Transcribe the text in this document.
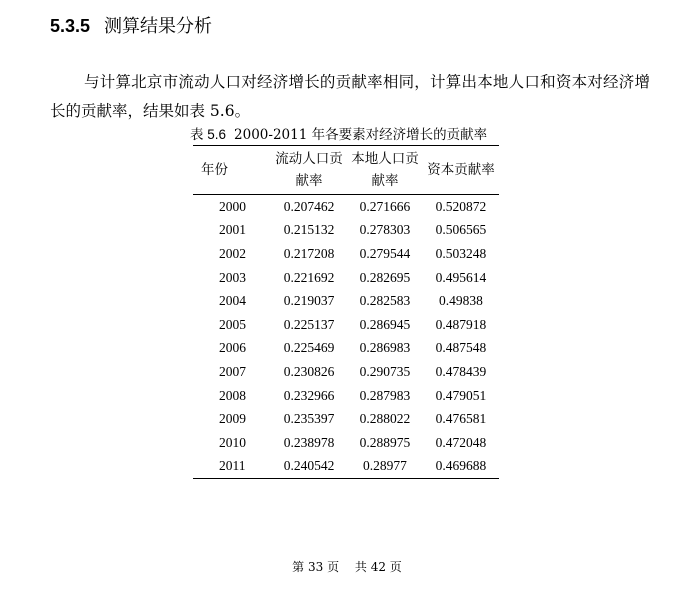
5.3.5 测算结果分析

与计算北京市流动人口对经济增长的贡献率相同，计算出本地人口和资本对经济增长的贡献率，结果如表 5.6。

表 5.6 2000-2011 年各要素对经济增长的贡献率
年份	流动人口贡献率	本地人口贡献率	资本贡献率
2000	0.207462	0.271666	0.520872
2001	0.215132	0.278303	0.506565
2002	0.217208	0.279544	0.503248
2003	0.221692	0.282695	0.495614
2004	0.219037	0.282583	0.49838
2005	0.225137	0.286945	0.487918
2006	0.225469	0.286983	0.487548
2007	0.230826	0.290735	0.478439
2008	0.232966	0.287983	0.479051
2009	0.235397	0.288022	0.476581
2010	0.238978	0.288975	0.472048
2011	0.240542	0.28977	0.469688
第 33 页 共 42 页
